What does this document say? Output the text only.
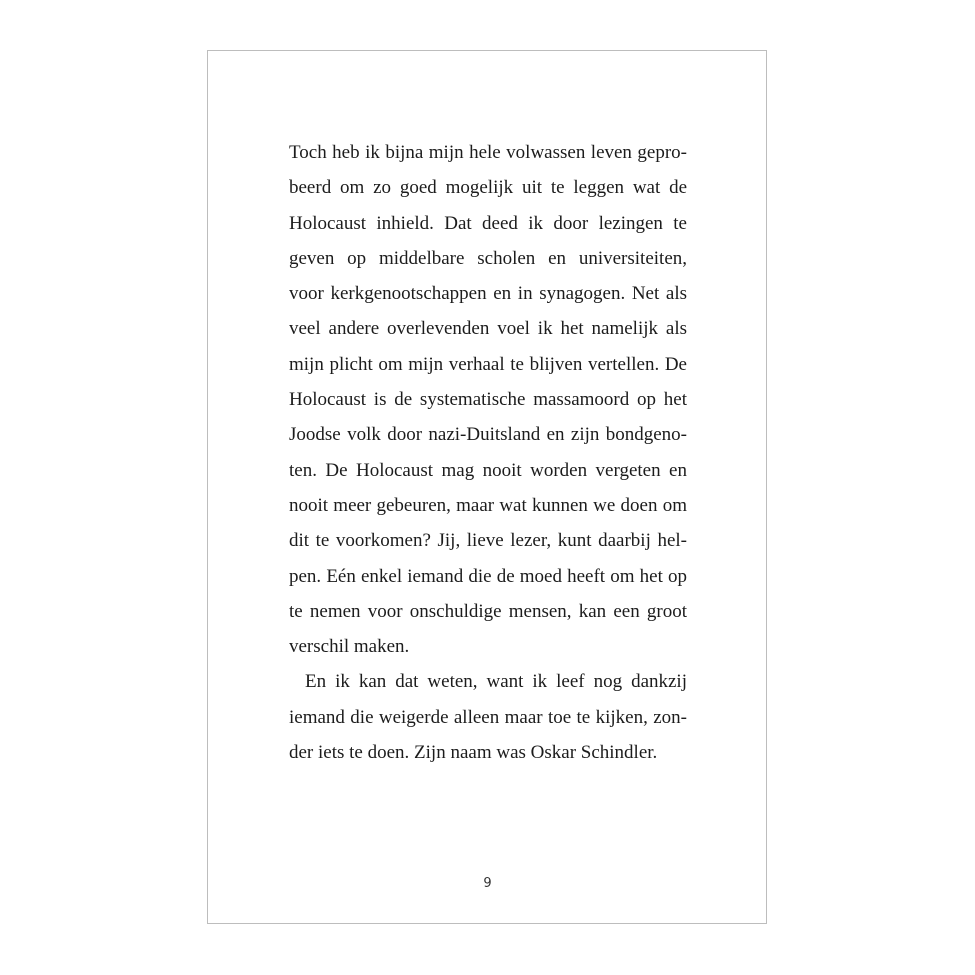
Toch heb ik bijna mijn hele volwassen leven gepro-
beerd om zo goed mogelijk uit te leggen wat de
Holocaust inhield. Dat deed ik door lezingen te
geven op middelbare scholen en universiteiten,
voor kerkgenootschappen en in synagogen. Net als
veel andere overlevenden voel ik het namelijk als
mijn plicht om mijn verhaal te blijven vertellen. De
Holocaust is de systematische massamoord op het
Joodse volk door nazi-Duitsland en zijn bondgeno-
ten. De Holocaust mag nooit worden vergeten en
nooit meer gebeuren, maar wat kunnen we doen om
dit te voorkomen? Jij, lieve lezer, kunt daarbij hel-
pen. Eén enkel iemand die de moed heeft om het op
te nemen voor onschuldige mensen, kan een groot
verschil maken.
En ik kan dat weten, want ik leef nog dankzij
iemand die weigerde alleen maar toe te kijken, zon-
der iets te doen. Zijn naam was Oskar Schindler.
9
